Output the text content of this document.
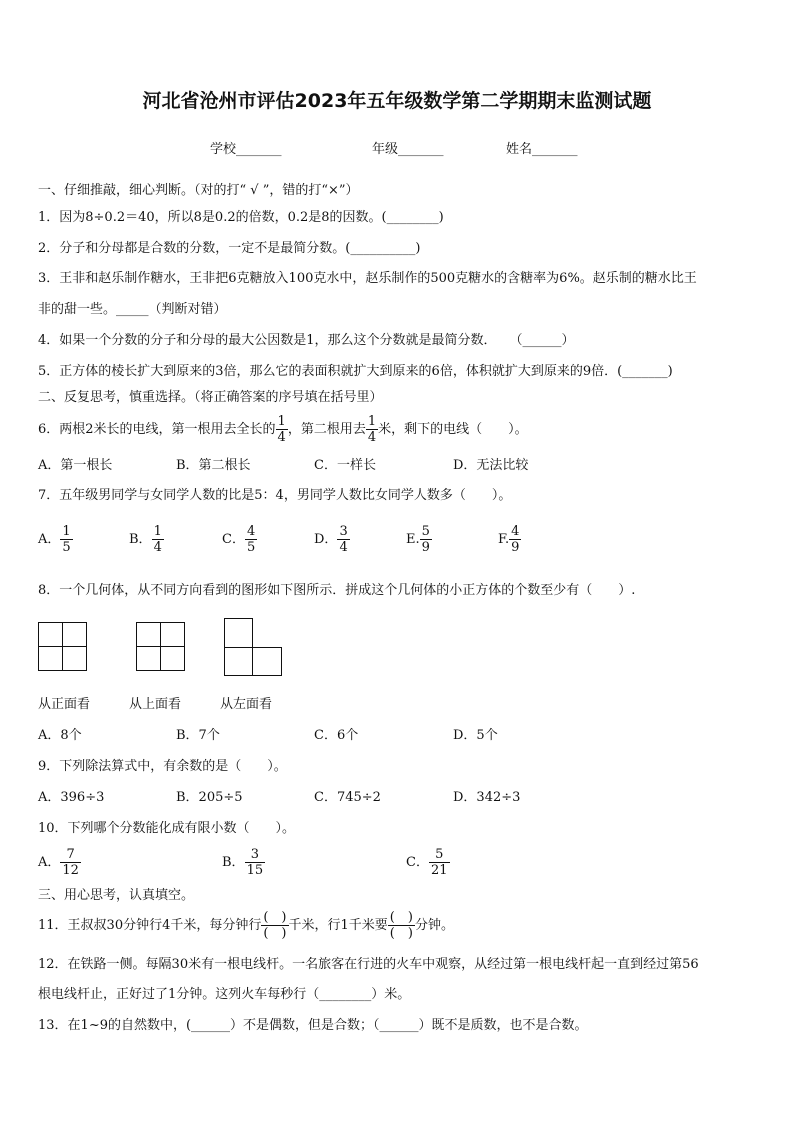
河北省沧州市评估2023年五年级数学第二学期期末监测试题
学校_______	年级_______	姓名_______
一、仔细推敲，细心判断。（对的打“ √ ”，错的打“×”）
1．因为8÷0.2＝40，所以8是0.2的倍数，0.2是8的因数。(________)
2．分子和分母都是合数的分数，一定不是最简分数。(__________)
3．王非和赵乐制作糖水，王非把6克糖放入100克水中，赵乐制作的500克糖水的含糖率为6%。赵乐制的糖水比王
非的甜一些。_____（判断对错）
4．如果一个分数的分子和分母的最大公因数是1，那么这个分数就是最简分数．　　（______）
5．正方体的棱长扩大到原来的3倍，那么它的表面积就扩大到原来的6倍，体积就扩大到原来的9倍．(_______)
二、反复思考，慎重选择。（将正确答案的序号填在括号里）
6．两根2米长的电线，第一根用去全长的 $\frac{1}{4}$ ，第二根用去 $\frac{1}{4}$ 米，剩下的电线（　　）。
A．第一根长	B．第二根长	C．一样长	D．无法比较
7．五年级男同学与女同学人数的比是5：4，男同学人数比女同学人数多（　　）。
A． $\frac{1}{5}$	B． $\frac{1}{4}$	C． $\frac{4}{5}$	D． $\frac{3}{4}$	E. $\frac{5}{9}$	F. $\frac{4}{9}$
8．一个几何体，从不同方向看到的图形如下图所示．拼成这个几何体的小正方体的个数至少有（　　）.
从正面看	从上面看	从左面看
A．8个	B．7个	C．6个	D．5个
9．下列除法算式中，有余数的是（　　）。
A．396÷3	B．205÷5	C．745÷2	D．342÷3
10．下列哪个分数能化成有限小数（　　）。
A． $\frac{7}{12}$	B． $\frac{3}{15}$	C． $\frac{5}{21}$
三、用心思考，认真填空。
11．王叔叔30分钟行4千米，每分钟行 $\frac{( )}{( )}$ 千米，行1千米要 $\frac{( )}{( )}$ 分钟。
12．在铁路一侧。每隔30米有一根电线杆。一名旅客在行进的火车中观察，从经过第一根电线杆起一直到经过第56
根电线杆止，正好过了1分钟。这列火车每秒行（________）米。
13．在1~9的自然数中，(______）不是偶数，但是合数；（______）既不是质数，也不是合数。
